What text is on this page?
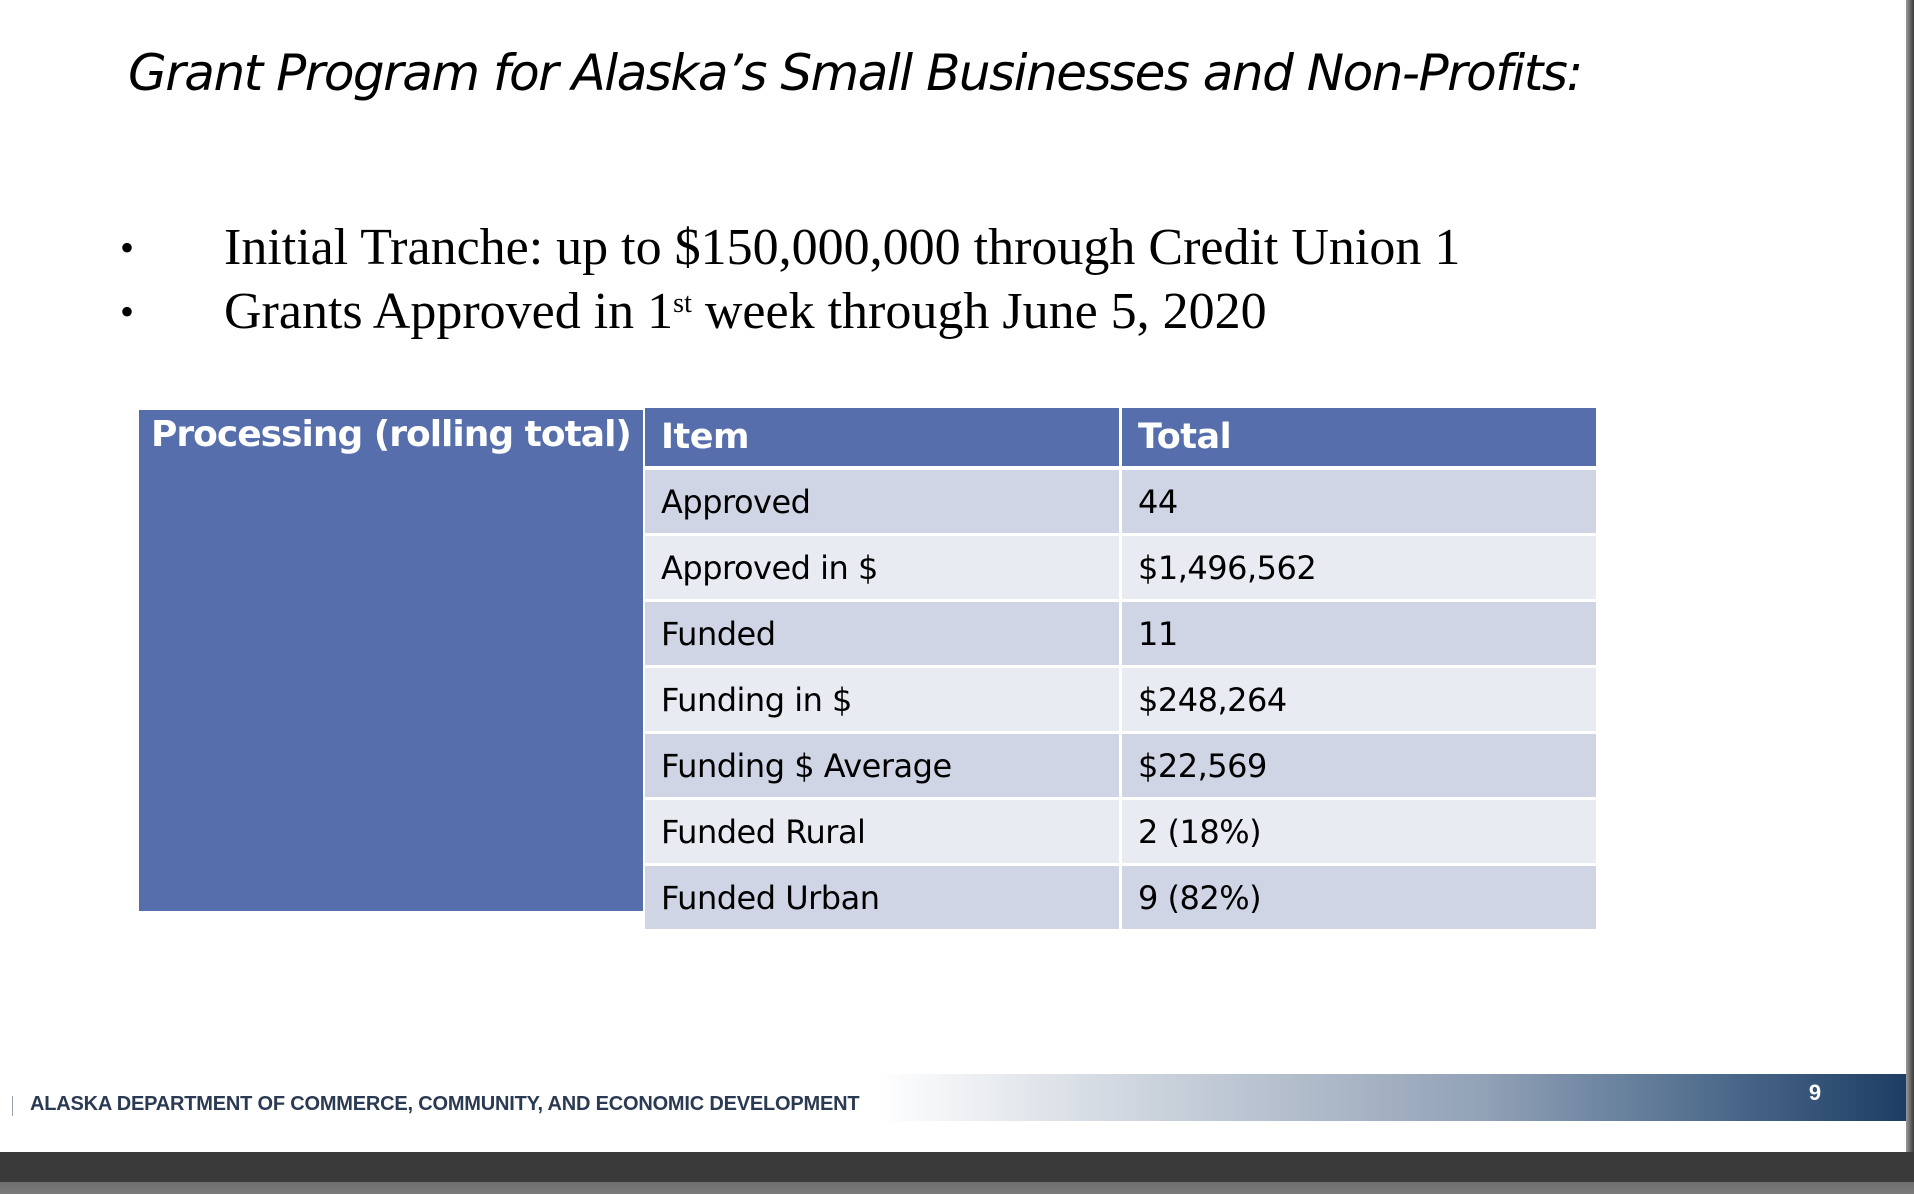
Grant Program for Alaska’s Small Businesses and Non-Profits:
• Initial Tranche: up to $150,000,000 through Credit Union 1
• Grants Approved in 1st week through June 5, 2020
Processing (rolling total) Item	Total
Approved	44
Approved in $	$1,496,562
Funded	11
Funding in $	$248,264
Funding $ Average	$22,569
Funded Rural	2 (18%)
Funded Urban	9 (82%)
ALASKA DEPARTMENT OF COMMERCE, COMMUNITY, AND ECONOMIC DEVELOPMENT	9
